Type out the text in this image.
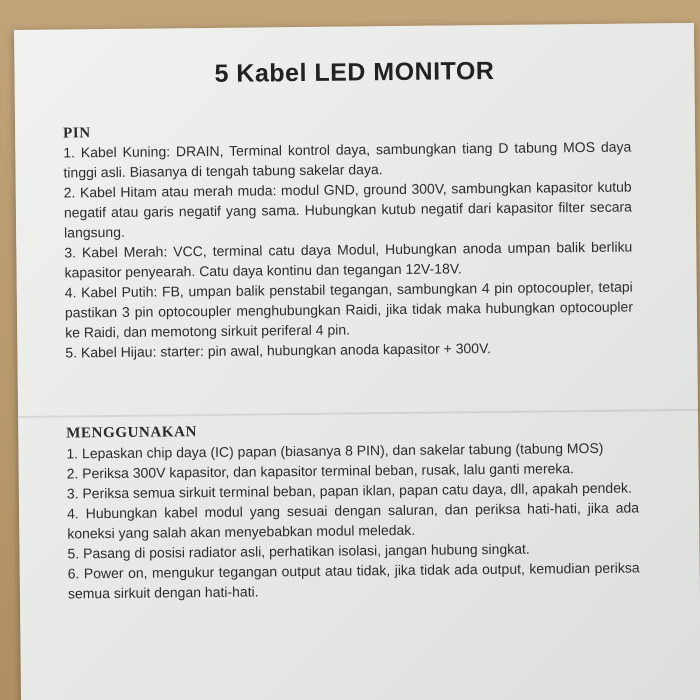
5 Kabel LED MONITOR
PIN

1. Kabel Kuning: DRAIN, Terminal kontrol daya, sambungkan tiang D tabung MOS daya tinggi asli. Biasanya di tengah tabung sakelar daya.

2. Kabel Hitam atau merah muda: modul GND, ground 300V, sambungkan kapasitor kutub negatif atau garis negatif yang sama. Hubungkan kutub negatif dari kapasitor filter secara langsung.

3. Kabel Merah: VCC, terminal catu daya Modul, Hubungkan anoda umpan balik berliku kapasitor penyearah. Catu daya kontinu dan tegangan 12V-18V.

4. Kabel Putih: FB, umpan balik penstabil tegangan, sambungkan 4 pin optocoupler, tetapi pastikan 3 pin optocoupler menghubungkan Raidi, jika tidak maka hubungkan optocoupler ke Raidi, dan memotong sirkuit periferal 4 pin.

5. Kabel Hijau: starter: pin awal, hubungkan anoda kapasitor + 300V.

MENGGUNAKAN

1. Lepaskan chip daya (IC) papan (biasanya 8 PIN), dan sakelar tabung (tabung MOS)

2. Periksa 300V kapasitor, dan kapasitor terminal beban, rusak, lalu ganti mereka.

3. Periksa semua sirkuit terminal beban, papan iklan, papan catu daya, dll, apakah pendek.

4. Hubungkan kabel modul yang sesuai dengan saluran, dan periksa hati-hati, jika ada koneksi yang salah akan menyebabkan modul meledak.

5. Pasang di posisi radiator asli, perhatikan isolasi, jangan hubung singkat.

6. Power on, mengukur tegangan output atau tidak, jika tidak ada output, kemudian periksa semua sirkuit dengan hati-hati.
